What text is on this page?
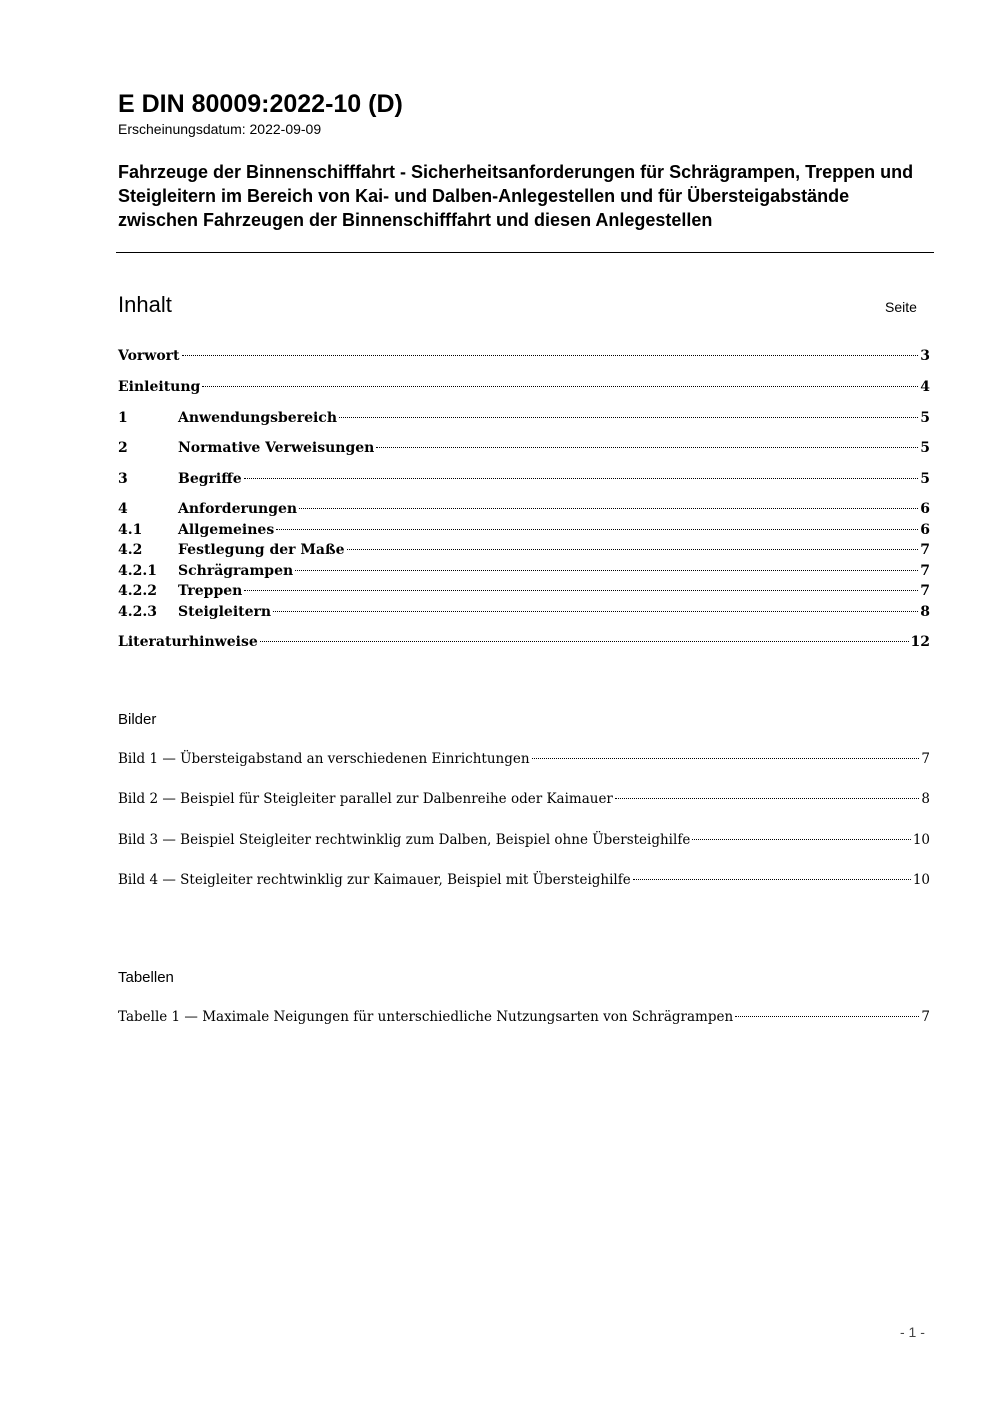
E DIN 80009:2022-10 (D)
Erscheinungsdatum: 2022-09-09
Fahrzeuge der Binnenschifffahrt - Sicherheitsanforderungen für Schrägrampen, Treppen und Steigleitern im Bereich von Kai- und Dalben-Anlegestellen und für Übersteigabstände zwischen Fahrzeugen der Binnenschifffahrt und diesen Anlegestellen
Inhalt	Seite
Vorwort	3
Einleitung	4
1	Anwendungsbereich	5
2	Normative Verweisungen	5
3	Begriffe	5
4	Anforderungen	6
4.1	Allgemeines	6
4.2	Festlegung der Maße	7
4.2.1	Schrägrampen	7
4.2.2	Treppen	7
4.2.3	Steigleitern	8
Literaturhinweise	12
Bilder
Bild 1 — Übersteigabstand an verschiedenen Einrichtungen	7
Bild 2 — Beispiel für Steigleiter parallel zur Dalbenreihe oder Kaimauer	8
Bild 3 — Beispiel Steigleiter rechtwinklig zum Dalben, Beispiel ohne Übersteighilfe	10
Bild 4 — Steigleiter rechtwinklig zur Kaimauer, Beispiel mit Übersteighilfe	10
Tabellen
Tabelle 1 — Maximale Neigungen für unterschiedliche Nutzungsarten von Schrägrampen	7
- 1 -
